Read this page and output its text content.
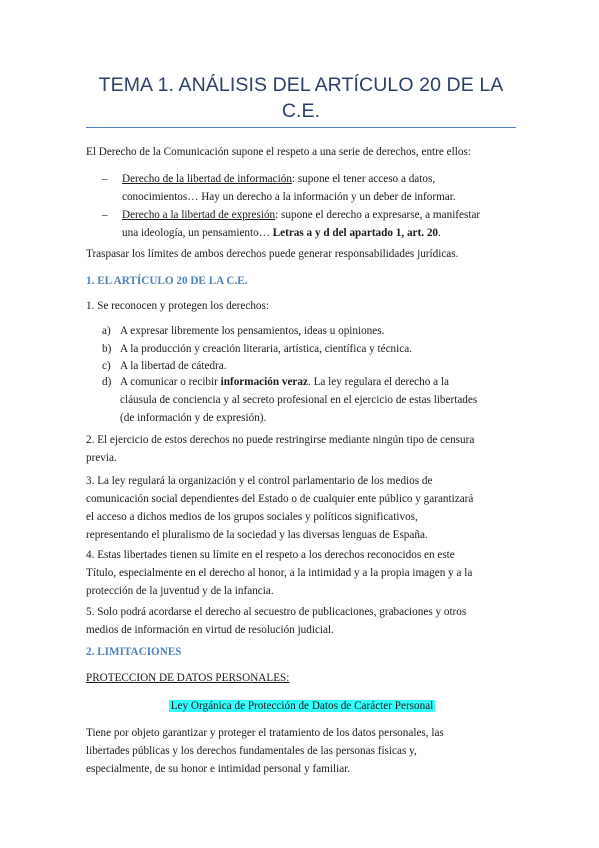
TEMA 1. ANÁLISIS DEL ARTÍCULO 20 DE LA
C.E.
El Derecho de la Comunicación supone el respeto a una serie de derechos, entre ellos:
– Derecho de la libertad de información: supone el tener acceso a datos,
conocimientos… Hay un derecho a la información y un deber de informar.
– Derecho a la libertad de expresión: supone el derecho a expresarse, a manifestar
una ideología, un pensamiento… Letras a y d del apartado 1, art. 20.
Traspasar los límites de ambos derechos puede generar responsabilidades jurídicas.
1. EL ARTÍCULO 20 DE LA C.E.
1. Se reconocen y protegen los derechos:
a) A expresar libremente los pensamientos, ideas u opiniones.
b) A la producción y creación literaria, artística, científica y técnica.
c) A la libertad de cátedra.
d) A comunicar o recibir información veraz. La ley regulara el derecho a la
cláusula de conciencia y al secreto profesional en el ejercicio de estas libertades
(de información y de expresión).
2. El ejercicio de estos derechos no puede restringirse mediante ningún tipo de censura
previa.
3. La ley regulará la organización y el control parlamentario de los medios de
comunicación social dependientes del Estado o de cualquier ente público y garantizará
el acceso a dichos medios de los grupos sociales y políticos significativos,
representando el pluralismo de la sociedad y las diversas lenguas de España.
4. Estas libertades tienen su límite en el respeto a los derechos reconocidos en este
Título, especialmente en el derecho al honor, a la intimidad y a la propia imagen y a la
protección de la juventud y de la infancia.
5. Solo podrá acordarse el derecho al secuestro de publicaciones, grabaciones y otros
medios de información en virtud de resolución judicial.
2. LIMITACIONES
PROTECCION DE DATOS PERSONALES:
Ley Orgánica de Protección de Datos de Carácter Personal
Tiene por objeto garantizar y proteger el tratamiento de los datos personales, las
libertades públicas y los derechos fundamentales de las personas físicas y,
especialmente, de su honor e intimidad personal y familiar.
